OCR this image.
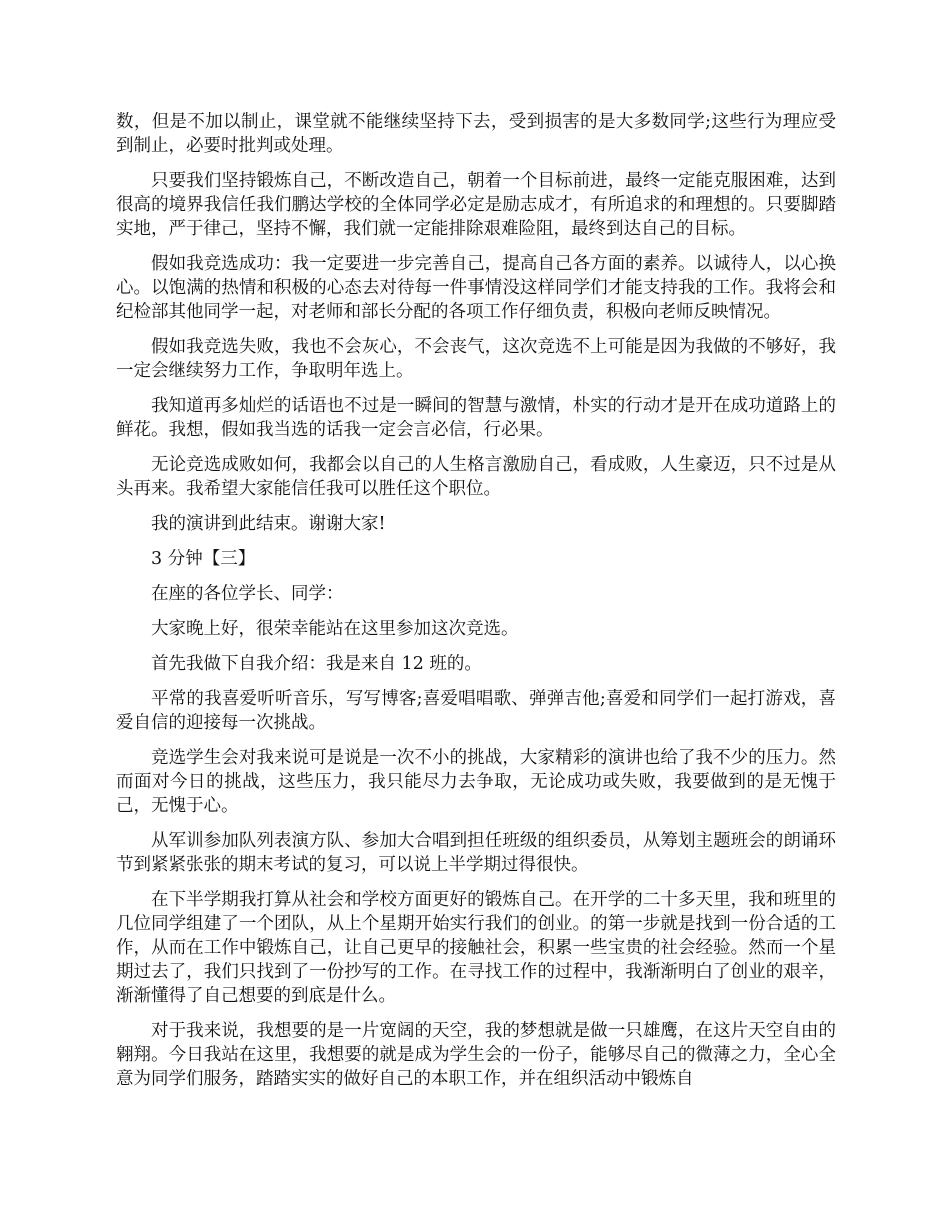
数，但是不加以制止，课堂就不能继续坚持下去，受到损害的是大多数同学;这些行为理应受到制止，必要时批判或处理。

只要我们坚持锻炼自己，不断改造自己，朝着一个目标前进，最终一定能克服困难，达到很高的境界我信任我们鹏达学校的全体同学必定是励志成才，有所追求的和理想的。只要脚踏实地，严于律己，坚持不懈，我们就一定能排除艰难险阻，最终到达自己的目标。

假如我竞选成功：我一定要进一步完善自己，提高自己各方面的素养。以诚待人，以心换心。以饱满的热情和积极的心态去对待每一件事情没这样同学们才能支持我的工作。我将会和纪检部其他同学一起，对老师和部长分配的各项工作仔细负责，积极向老师反映情况。

假如我竞选失败，我也不会灰心，不会丧气，这次竞选不上可能是因为我做的不够好，我一定会继续努力工作，争取明年选上。

我知道再多灿烂的话语也不过是一瞬间的智慧与激情，朴实的行动才是开在成功道路上的鲜花。我想，假如我当选的话我一定会言必信，行必果。

无论竞选成败如何，我都会以自己的人生格言激励自己，看成败，人生豪迈，只不过是从头再来。我希望大家能信任我可以胜任这个职位。

我的演讲到此结束。谢谢大家!

3 分钟【三】

在座的各位学长、同学：

大家晚上好，很荣幸能站在这里参加这次竞选。

首先我做下自我介绍：我是来自 12 班的。

平常的我喜爱听听音乐，写写博客;喜爱唱唱歌、弹弹吉他;喜爱和同学们一起打游戏，喜爱自信的迎接每一次挑战。

竞选学生会对我来说可是说是一次不小的挑战，大家精彩的演讲也给了我不少的压力。然而面对今日的挑战，这些压力，我只能尽力去争取，无论成功或失败，我要做到的是无愧于己，无愧于心。

从军训参加队列表演方队、参加大合唱到担任班级的组织委员，从筹划主题班会的朗诵环节到紧紧张张的期末考试的复习，可以说上半学期过得很快。

在下半学期我打算从社会和学校方面更好的锻炼自己。在开学的二十多天里，我和班里的几位同学组建了一个团队，从上个星期开始实行我们的创业。的第一步就是找到一份合适的工作，从而在工作中锻炼自己，让自己更早的接触社会，积累一些宝贵的社会经验。然而一个星期过去了，我们只找到了一份抄写的工作。在寻找工作的过程中，我渐渐明白了创业的艰辛，渐渐懂得了自己想要的到底是什么。

对于我来说，我想要的是一片宽阔的天空，我的梦想就是做一只雄鹰，在这片天空自由的翱翔。今日我站在这里，我想要的就是成为学生会的一份子，能够尽自己的微薄之力，全心全意为同学们服务，踏踏实实的做好自己的本职工作，并在组织活动中锻炼自
